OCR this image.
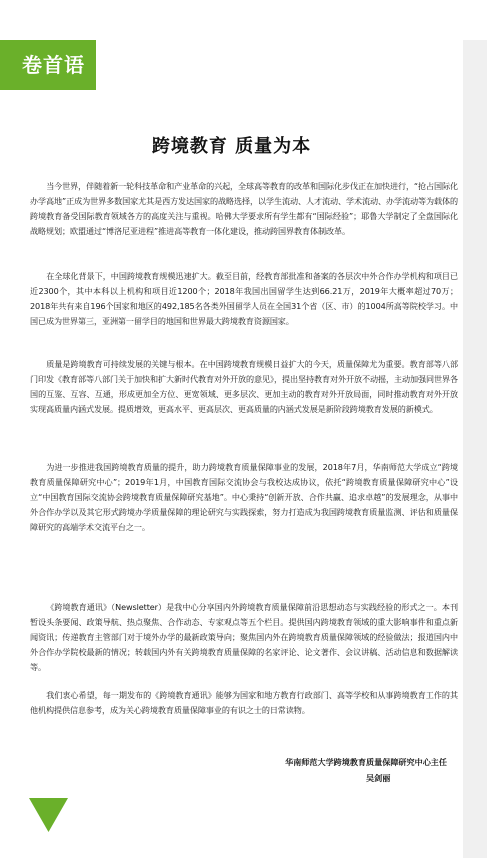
卷首语
跨境教育 质量为本

当今世界，伴随着新一轮科技革命和产业革命的兴起，全球高等教育的改革和国际化步伐正在加快进行，“抢占国际化办学高地”正成为世界多数国家尤其是西方发达国家的战略选择，以学生流动、人才流动、学术流动、办学流动等为载体的跨境教育备受国际教育领域各方的高度关注与重视。哈佛大学要求所有学生都有“国际经验”；耶鲁大学制定了全盘国际化战略规划；欧盟通过“博洛尼亚进程”推进高等教育一体化建设，推动跨国界教育体制改革。

在全球化背景下，中国跨境教育规模迅速扩大。截至目前，经教育部批准和备案的各层次中外合作办学机构和项目已近2300个，其中本科以上机构和项目近1200个；2018年我国出国留学生达到66.21万，2019年大概率超过70万；2018年共有来自196个国家和地区的492,185名各类外国留学人员在全国31个省（区、市）的1004所高等院校学习。中国已成为世界第三，亚洲第一留学目的地国和世界最大跨境教育资源国家。

质量是跨境教育可持续发展的关键与根本。在中国跨境教育规模日益扩大的今天，质量保障尤为重要。教育部等八部门印发《教育部等八部门关于加快和扩大新时代教育对外开放的意见》，提出坚持教育对外开放不动摇，主动加强同世界各国的互鉴、互容、互通，形成更加全方位、更宽领域、更多层次、更加主动的教育对外开放局面，同时推动教育对外开放实现高质量内涵式发展。提质增效，更高水平、更高层次、更高质量的内涵式发展是新阶段跨境教育发展的新模式。

为进一步推进我国跨境教育质量的提升，助力跨境教育质量保障事业的发展，2018年7月，华南师范大学成立“跨境教育质量保障研究中心”；2019年1月，中国教育国际交流协会与我校达成协议，依托“跨境教育质量保障研究中心”设立“中国教育国际交流协会跨境教育质量保障研究基地”。中心秉持“创新开放、合作共赢、追求卓越”的发展理念，从事中外合作办学以及其它形式跨境办学质量保障的理论研究与实践探索，努力打造成为我国跨境教育质量监测、评估和质量保障研究的高端学术交流平台之一。

《跨境教育通讯》（Newsletter）是我中心分享国内外跨境教育质量保障前沿思想动态与实践经验的形式之一。本刊暂设头条要闻、政策导航、热点聚焦、合作动态、专家观点等五个栏目。提供国内跨境教育领域的重大影响事件和重点新闻资讯；传递教育主管部门对于境外办学的最新政策导向；聚焦国内外在跨境教育质量保障领域的经验做法；报道国内中外合作办学院校最新的情况；转载国内外有关跨境教育质量保障的名家评论、论文著作、会议讲稿、活动信息和数据解读等。

我们衷心希望，每一期发布的《跨境教育通讯》能够为国家和地方教育行政部门、高等学校和从事跨境教育工作的其他机构提供信息参考，成为关心跨境教育质量保障事业的有识之士的日常读物。

华南师范大学跨境教育质量保障研究中心主任
吴剑丽
